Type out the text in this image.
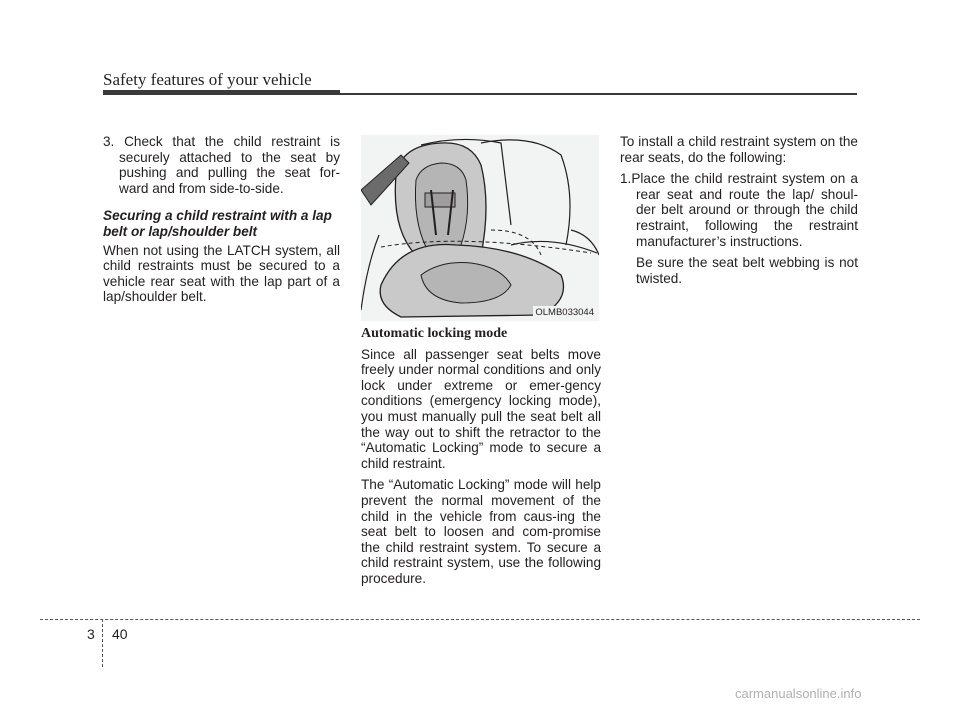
Safety features of your vehicle

3. Check that the child restraint is securely attached to the seat by pushing and pulling the seat for-ward and from side-to-side.

Securing a child restraint with a lap belt or lap/shoulder belt

When not using the LATCH system, all child restraints must be secured to a vehicle rear seat with the lap part of a lap/shoulder belt.

OLMB033044
Automatic locking mode

Since all passenger seat belts move freely under normal conditions and only lock under extreme or emer-gency conditions (emergency locking mode), you must manually pull the seat belt all the way out to shift the retractor to the “Automatic Locking” mode to secure a child restraint.

The “Automatic Locking” mode will help prevent the normal movement of the child in the vehicle from caus-ing the seat belt to loosen and com-promise the child restraint system. To secure a child restraint system, use the following procedure.

To install a child restraint system on the rear seats, do the following:

1.Place the child restraint system on a rear seat and route the lap/ shoul-der belt around or through the child restraint, following the restraint manufacturer’s instructions.

Be sure the seat belt webbing is not twisted.

3 40
carmanualsonline.info
